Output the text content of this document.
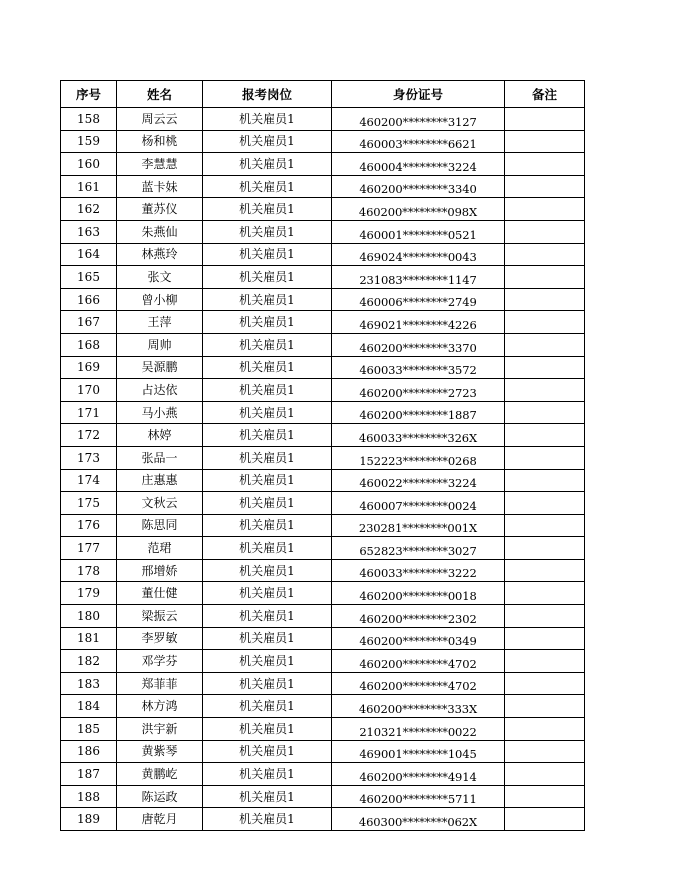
序号	姓名	报考岗位	身份证号	备注
158	周云云	机关雇员1	460200********3127	
159	杨和桃	机关雇员1	460003********6621	
160	李慧慧	机关雇员1	460004********3224	
161	蓝卡妹	机关雇员1	460200********3340	
162	董苏仪	机关雇员1	460200********098X	
163	朱燕仙	机关雇员1	460001********0521	
164	林燕玲	机关雇员1	469024********0043	
165	张文	机关雇员1	231083********1147	
166	曾小柳	机关雇员1	460006********2749	
167	王萍	机关雇员1	469021********4226	
168	周帅	机关雇员1	460200********3370	
169	吴源鹏	机关雇员1	460033********3572	
170	占达依	机关雇员1	460200********2723	
171	马小燕	机关雇员1	460200********1887	
172	林婷	机关雇员1	460033********326X	
173	张品一	机关雇员1	152223********0268	
174	庄惠惠	机关雇员1	460022********3224	
175	文秋云	机关雇员1	460007********0024	
176	陈思同	机关雇员1	230281********001X	
177	范珺	机关雇员1	652823********3027	
178	邢增娇	机关雇员1	460033********3222	
179	董仕健	机关雇员1	460200********0018	
180	梁振云	机关雇员1	460200********2302	
181	李罗敏	机关雇员1	460200********0349	
182	邓学芬	机关雇员1	460200********4702	
183	郑菲菲	机关雇员1	460200********4702	
184	林方鸿	机关雇员1	460200********333X	
185	洪宇新	机关雇员1	210321********0022	
186	黄紫琴	机关雇员1	469001********1045	
187	黄鹏屹	机关雇员1	460200********4914	
188	陈运政	机关雇员1	460200********5711	
189	唐乾月	机关雇员1	460300********062X	
